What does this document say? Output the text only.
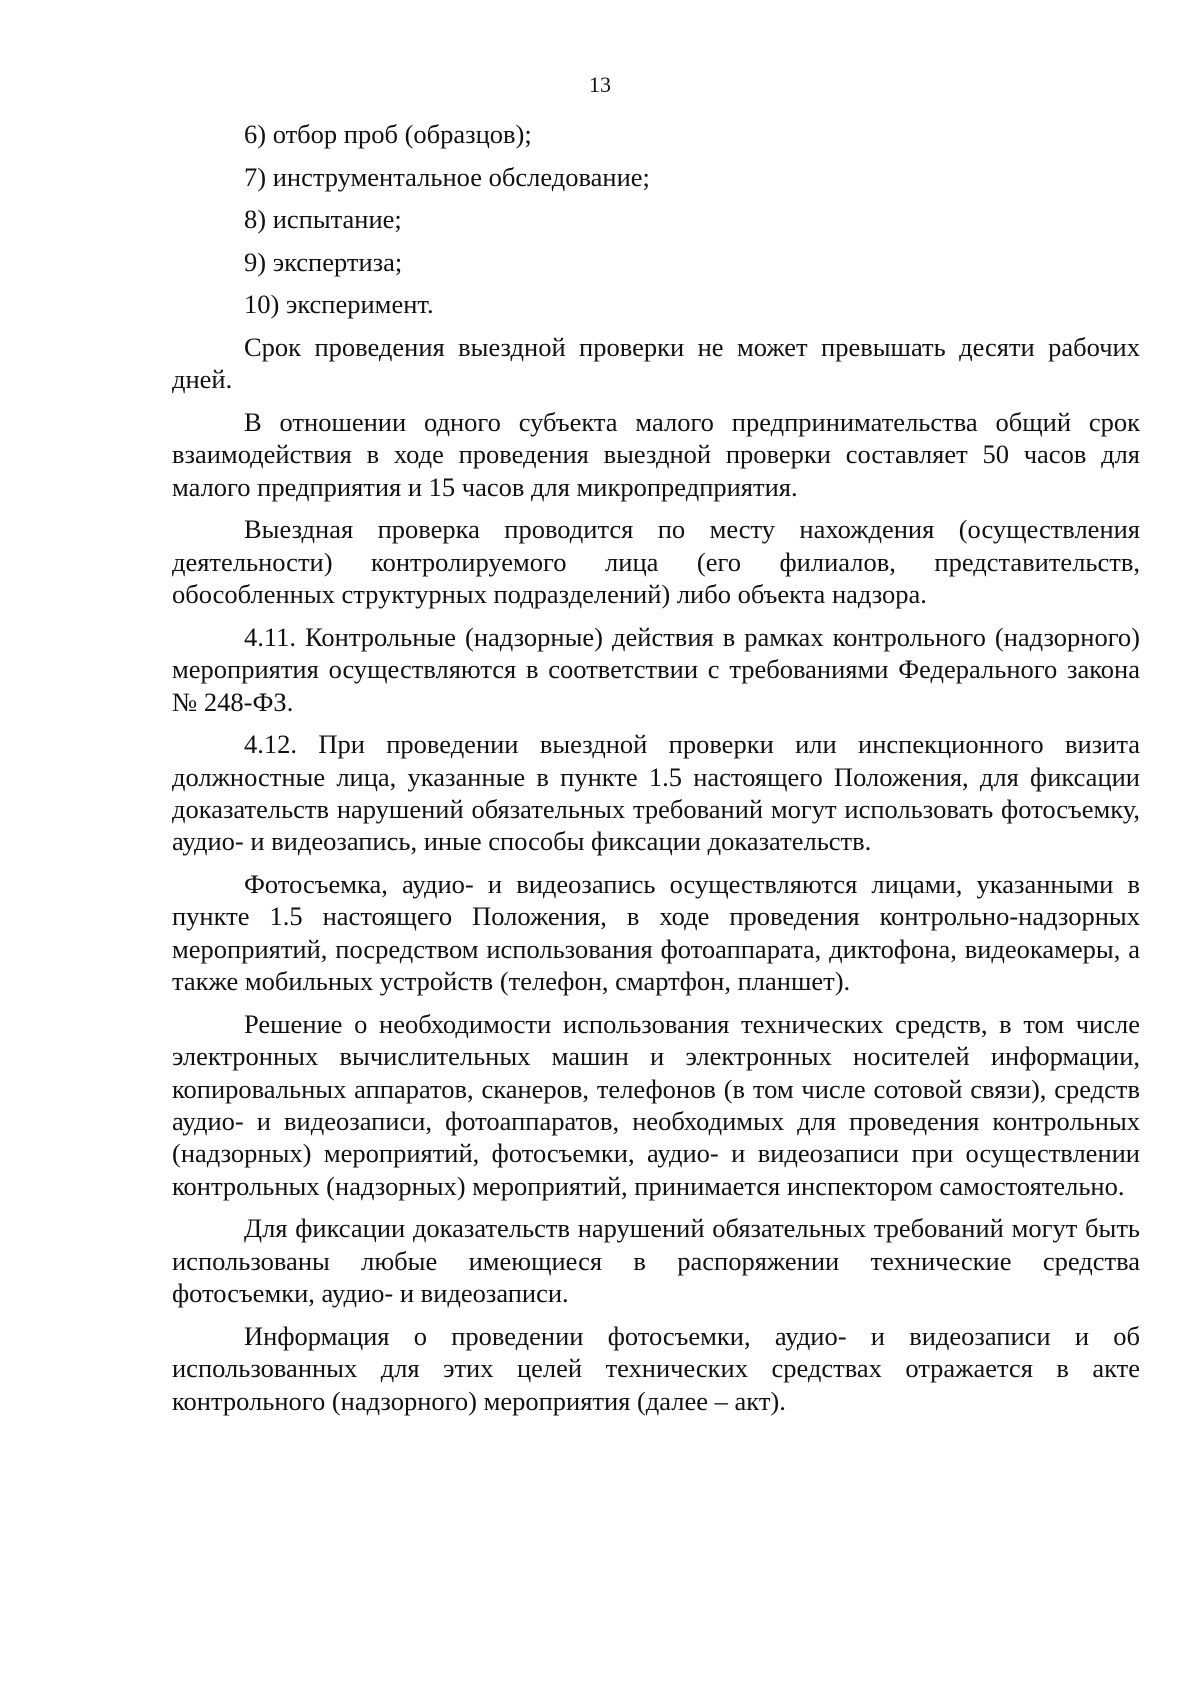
13

6) отбор проб (образцов);

7) инструментальное обследование;

8) испытание;

9) экспертиза;

10) эксперимент.

Срок проведения выездной проверки не может превышать десяти рабочих дней.

В отношении одного субъекта малого предпринимательства общий срок взаимодействия в ходе проведения выездной проверки составляет 50 часов для малого предприятия и 15 часов для микропредприятия.

Выездная проверка проводится по месту нахождения (осуществления деятельности) контролируемого лица (его филиалов, представительств, обособленных структурных подразделений) либо объекта надзора.

4.11. Контрольные (надзорные) действия в рамках контрольного (надзорного) мероприятия осуществляются в соответствии с требованиями Федерального закона № 248-ФЗ.

4.12. При проведении выездной проверки или инспекционного визита должностные лица, указанные в пункте 1.5 настоящего Положения, для фиксации доказательств нарушений обязательных требований могут использовать фотосъемку, аудио- и видеозапись, иные способы фиксации доказательств.

Фотосъемка, аудио- и видеозапись осуществляются лицами, указанными в пункте 1.5 настоящего Положения, в ходе проведения контрольно-надзорных мероприятий, посредством использования фотоаппарата, диктофона, видеокамеры, а также мобильных устройств (телефон, смартфон, планшет).

Решение о необходимости использования технических средств, в том числе электронных вычислительных машин и электронных носителей информации, копировальных аппаратов, сканеров, телефонов (в том числе сотовой связи), средств аудио- и видеозаписи, фотоаппаратов, необходимых для проведения контрольных (надзорных) мероприятий, фотосъемки, аудио- и видеозаписи при осуществлении контрольных (надзорных) мероприятий, принимается инспектором самостоятельно.

Для фиксации доказательств нарушений обязательных требований могут быть использованы любые имеющиеся в распоряжении технические средства фотосъемки, аудио- и видеозаписи.

Информация о проведении фотосъемки, аудио- и видеозаписи и об использованных для этих целей технических средствах отражается в акте контрольного (надзорного) мероприятия (далее – акт).
